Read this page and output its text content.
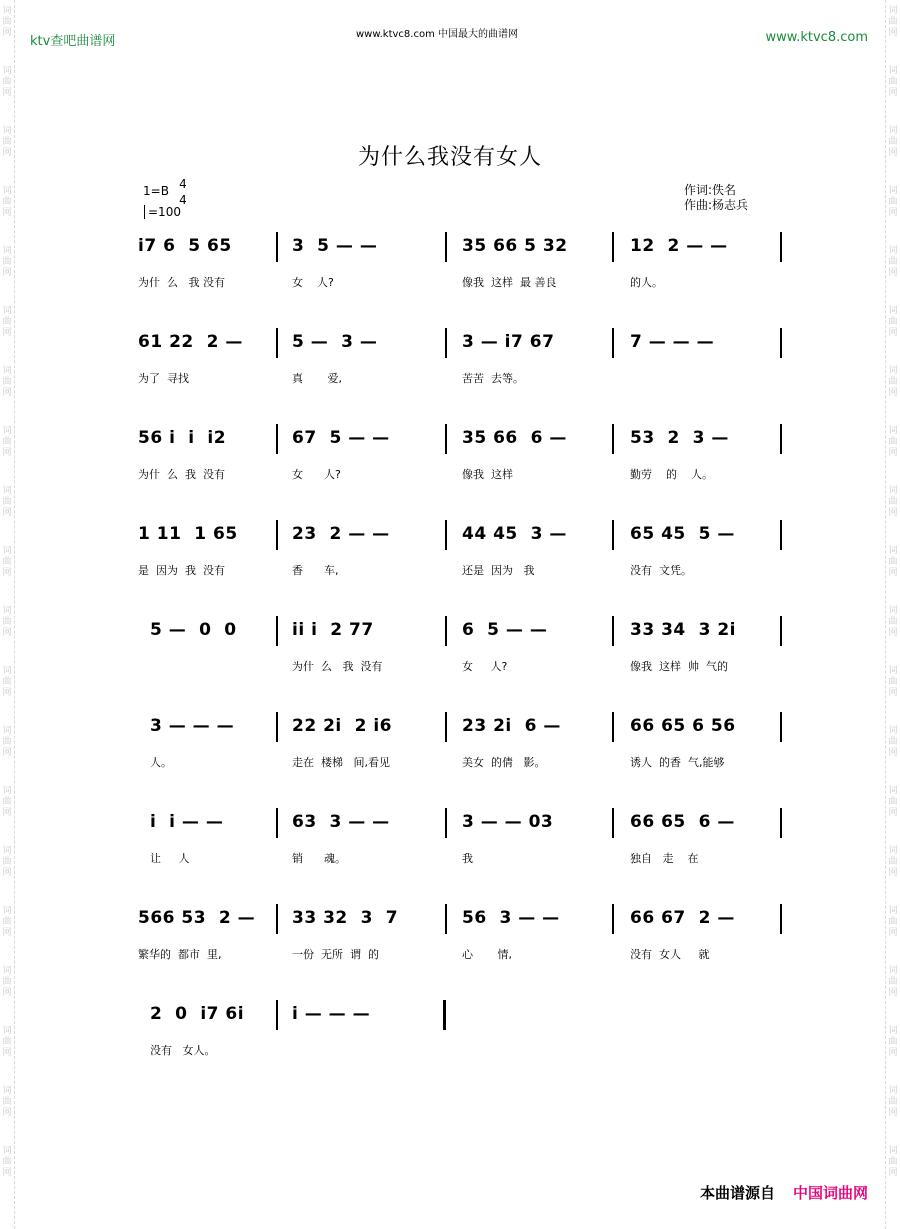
词曲网
词曲网
词曲网
词曲网
词曲网
词曲网
词曲网
词曲网
词曲网
词曲网
词曲网
词曲网
词曲网
词曲网
词曲网
词曲网
词曲网
词曲网
词曲网
词曲网
词曲网
词曲网
词曲网
词曲网
词曲网
词曲网
词曲网
词曲网
词曲网
词曲网
词曲网
词曲网
词曲网
词曲网
词曲网
词曲网
词曲网
词曲网
词曲网
词曲网
ktv查吧曲谱网	www.ktvc8.com 中国最大的曲谱网	www.ktvc8.com
为什么我没有女人
1=B 4
4
=100
作词:佚名
作曲:杨志兵
i7 6  5 65
为什  么   我 没有
3  5 — —
女    人?
35 66 5 32
像我  这样  最 善良
12  2 — —
的人。
61 22  2 —
为了  寻找
5 —  3 —
真       爱,
3 — i7 67
苦苦  去等。
7 — — —
56 i  i  i2
为什  么  我  没有
67  5 — —
女      人?
35 66  6 —
像我  这样
53  2  3 —
勤劳    的    人。
1 11  1 65
是  因为  我  没有
23  2 — —
香      车,
44 45  3 —
还是  因为   我
65 45  5 —
没有  文凭。
5 —  0  0	ii i  2 77
为什  么   我  没有
6  5 — —
女     人?
33 34  3 2i
像我  这样  帅  气的
3 — — —
人。
22 2i  2 i6
走在  楼梯   间,看见
23 2i  6 —
美女  的倩   影。
66 65 6 56
诱人  的香  气,能够
i  i — —
让     人
63  3 — —
销      魂。
3 — — 03
我
66 65  6 —
独自   走    在
566 53  2 —
繁华的  都市  里,
33 32  3  7
一份  无所  谓  的
56  3 — —
心       情,
66 67  2 —
没有  女人     就
2  0  i7 6i
没有   女人。
i — — —
本曲谱源自 中国词曲网
